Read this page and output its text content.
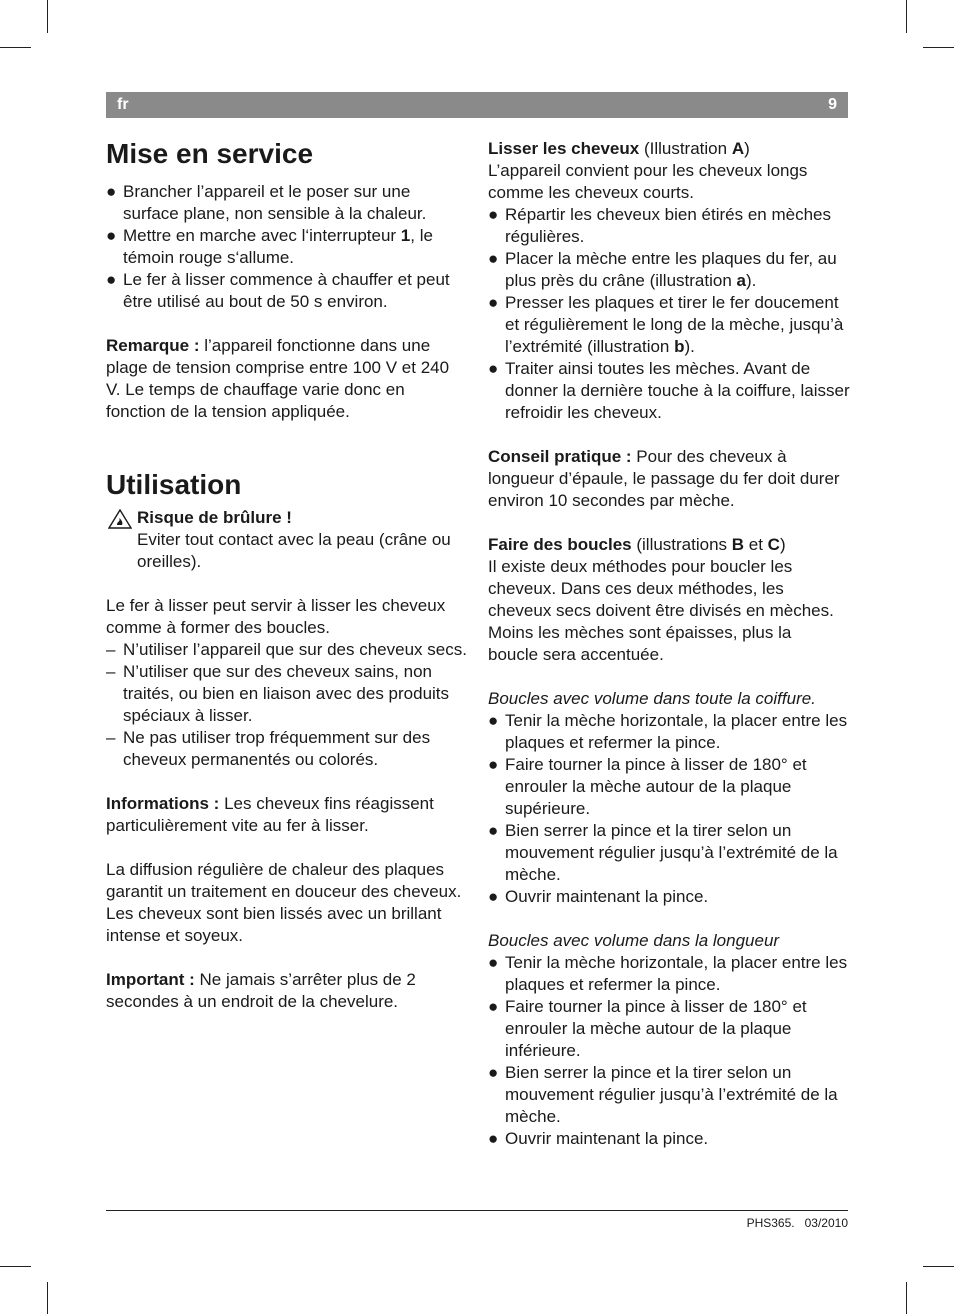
fr	9
Mise en service
● Brancher l’appareil et le poser sur une surface plane, non sensible à la chaleur.
● Mettre en marche avec l‘interrupteur 1, le témoin rouge s‘allume.
● Le fer à lisser commence à chauffer et peut être utilisé au bout de 50 s environ.

Remarque : l’appareil fonctionne dans une plage de tension comprise entre 100 V et 240 V. Le temps de chauffage varie donc en fonction de la tension appliquée.

Utilisation
Risque de brûlure !
Eviter tout contact avec la peau (crâne ou oreilles).

Le fer à lisser peut servir à lisser les cheveux comme à former des boucles.

– N’utiliser l’appareil que sur des cheveux secs.
– N’utiliser que sur des cheveux sains, non traités, ou bien en liaison avec des produits spéciaux à lisser.
– Ne pas utiliser trop fréquemment sur des cheveux permanentés ou colorés.

Informations : Les cheveux fins réagissent particulièrement vite au fer à lisser.

La diffusion régulière de chaleur des plaques garantit un traitement en douceur des cheveux.

Les cheveux sont bien lissés avec un brillant intense et soyeux.

Important : Ne jamais s’arrêter plus de 2 secondes à un endroit de la chevelure.

Lisser les cheveux (Illustration A)

L’appareil convient pour les cheveux longs comme les cheveux courts.

● Répartir les cheveux bien étirés en mèches régulières.
● Placer la mèche entre les plaques du fer, au plus près du crâne (illustration a).
● Presser les plaques et tirer le fer doucement et régulièrement le long de la mèche, jusqu’à l’extrémité (illustration b).
● Traiter ainsi toutes les mèches. Avant de donner la dernière touche à la coiffure, laisser refroidir les cheveux.

Conseil pratique : Pour des cheveux à longueur d’épaule, le passage du fer doit durer environ 10 secondes par mèche.

Faire des boucles (illustrations B et C)

Il existe deux méthodes pour boucler les cheveux. Dans ces deux méthodes, les cheveux secs doivent être divisés en mèches. Moins les mèches sont épaisses, plus la boucle sera accentuée.

Boucles avec volume dans toute la coiffure.

● Tenir la mèche horizontale, la placer entre les plaques et refermer la pince.
● Faire tourner la pince à lisser de 180° et enrouler la mèche autour de la plaque supérieure.
● Bien serrer la pince et la tirer selon un mouvement régulier jusqu’à l’extrémité de la mèche.
● Ouvrir maintenant la pince.

Boucles avec volume dans la longueur

● Tenir la mèche horizontale, la placer entre les plaques et refermer la pince.
● Faire tourner la pince à lisser de 180° et enrouler la mèche autour de la plaque inférieure.
● Bien serrer la pince et la tirer selon un mouvement régulier jusqu’à l’extrémité de la mèche.
● Ouvrir maintenant la pince.
PHS365. 03/2010
